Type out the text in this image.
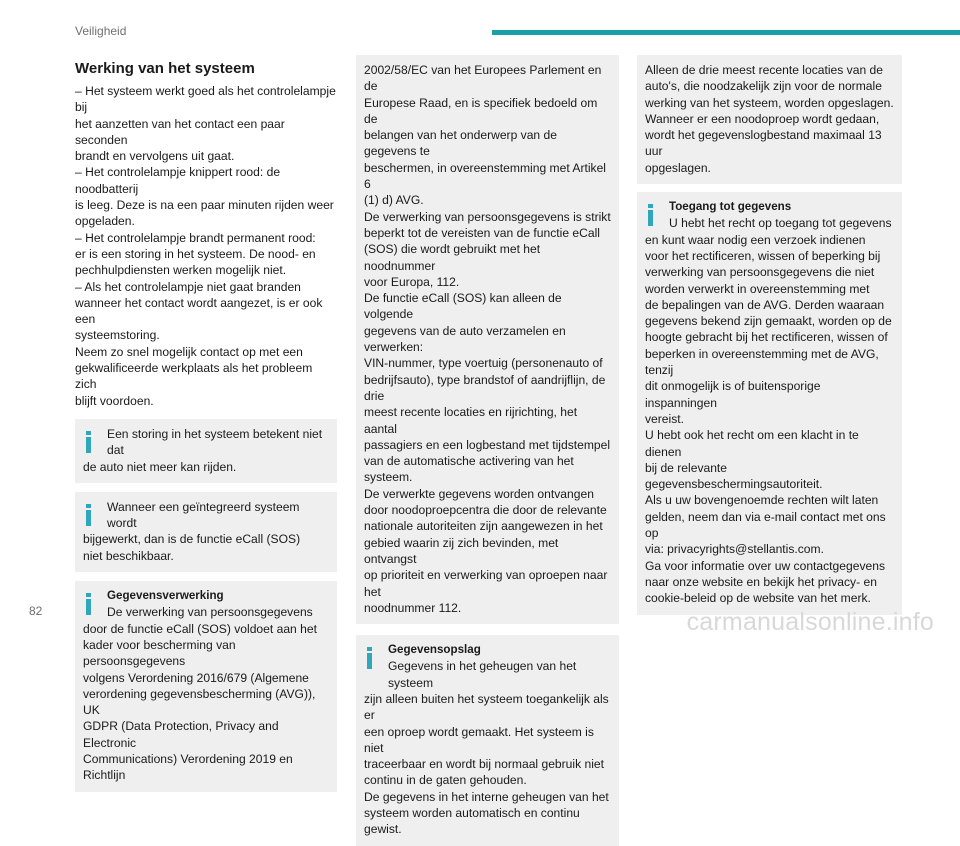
Veiligheid
Werking van het systeem

– Het systeem werkt goed als het controlelampje bij

het aanzetten van het contact een paar seconden

brandt en vervolgens uit gaat.

– Het controlelampje knippert rood: de noodbatterij

is leeg. Deze is na een paar minuten rijden weer

opgeladen.

– Het controlelampje brandt permanent rood:

er is een storing in het systeem. De nood- en

pechhulpdiensten werken mogelijk niet.

– Als het controlelampje niet gaat branden

wanneer het contact wordt aangezet, is er ook een

systeemstoring.

Neem zo snel mogelijk contact op met een

gekwalificeerde werkplaats als het probleem zich

blijft voordoen.

Een storing in het systeem betekent niet dat

de auto niet meer kan rijden.

Wanneer een geïntegreerd systeem wordt

bijgewerkt, dan is de functie eCall (SOS)

niet beschikbaar.

Gegevensverwerking

De verwerking van persoonsgegevens

door de functie eCall (SOS) voldoet aan het

kader voor bescherming van persoonsgegevens

volgens Verordening 2016/679 (Algemene

verordening gegevensbescherming (AVG)), UK

GDPR (Data Protection, Privacy and Electronic

Communications) Verordening 2019 en Richtlijn

2002/58/EC van het Europees Parlement en de

Europese Raad, en is specifiek bedoeld om de

belangen van het onderwerp van de gegevens te

beschermen, in overeenstemming met Artikel 6

(1) d) AVG.

De verwerking van persoonsgegevens is strikt

beperkt tot de vereisten van de functie eCall

(SOS) die wordt gebruikt met het noodnummer

voor Europa, 112.

De functie eCall (SOS) kan alleen de volgende

gegevens van de auto verzamelen en verwerken:

VIN-nummer, type voertuig (personenauto of

bedrijfsauto), type brandstof of aandrijflijn, de drie

meest recente locaties en rijrichting, het aantal

passagiers en een logbestand met tijdstempel

van de automatische activering van het systeem.

De verwerkte gegevens worden ontvangen

door noodoproepcentra die door de relevante

nationale autoriteiten zijn aangewezen in het

gebied waarin zij zich bevinden, met ontvangst

op prioriteit en verwerking van oproepen naar het

noodnummer 112.

Gegevensopslag

Gegevens in het geheugen van het systeem

zijn alleen buiten het systeem toegankelijk als er

een oproep wordt gemaakt. Het systeem is niet

traceerbaar en wordt bij normaal gebruik niet

continu in de gaten gehouden.

De gegevens in het interne geheugen van het

systeem worden automatisch en continu gewist.

Alleen de drie meest recente locaties van de

auto's, die noodzakelijk zijn voor de normale

werking van het systeem, worden opgeslagen.

Wanneer er een noodoproep wordt gedaan,

wordt het gegevenslogbestand maximaal 13 uur

opgeslagen.

Toegang tot gegevens

U hebt het recht op toegang tot gegevens

en kunt waar nodig een verzoek indienen

voor het rectificeren, wissen of beperking bij

verwerking van persoonsgegevens die niet

worden verwerkt in overeenstemming met

de bepalingen van de AVG. Derden waaraan

gegevens bekend zijn gemaakt, worden op de

hoogte gebracht bij het rectificeren, wissen of

beperken in overeenstemming met de AVG, tenzij

dit onmogelijk is of buitensporige inspanningen

vereist.

U hebt ook het recht om een klacht in te dienen

bij de relevante gegevensbeschermingsautoriteit.

Als u uw bovengenoemde rechten wilt laten

gelden, neem dan via e-mail contact met ons op

via: privacyrights@stellantis.com.

Ga voor informatie over uw contactgegevens

naar onze website en bekijk het privacy- en

cookie-beleid op de website van het merk.

82	carmanualsonline.info
